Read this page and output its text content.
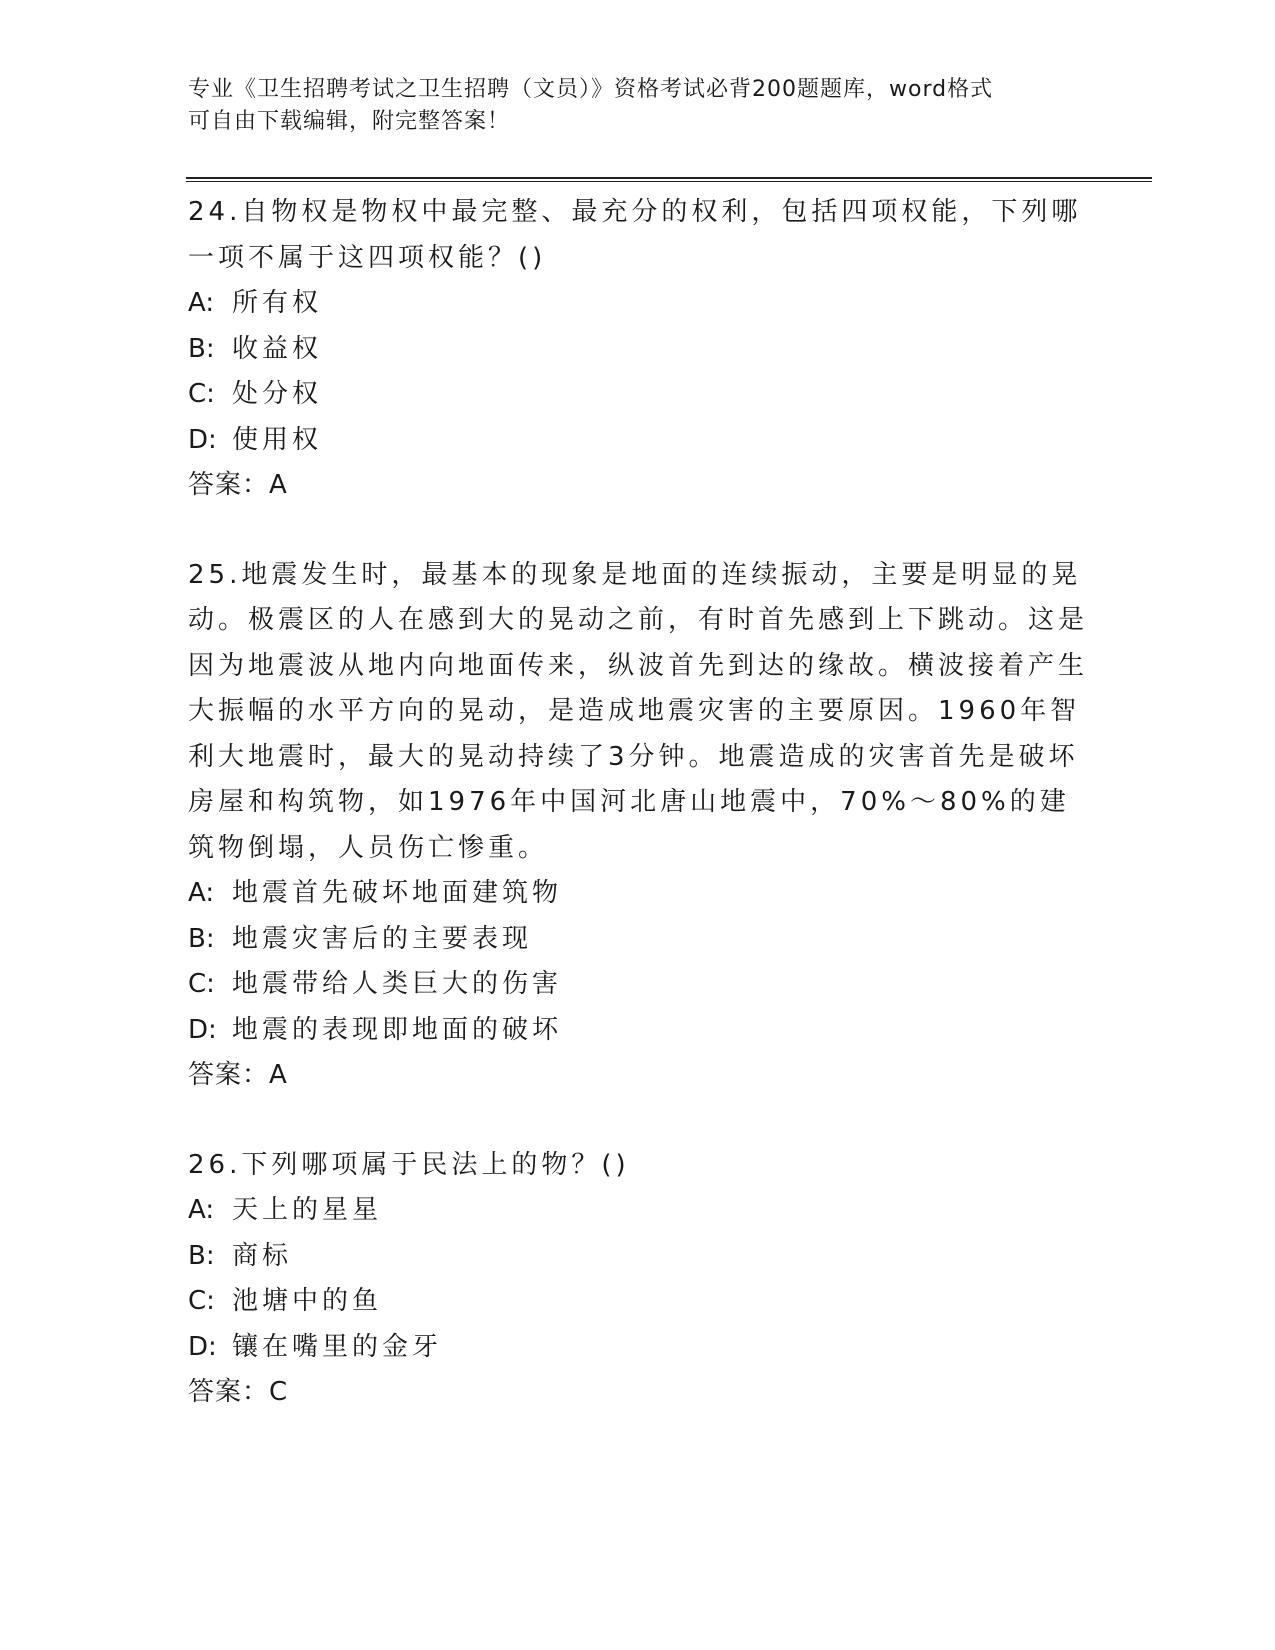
专业《卫生招聘考试之卫生招聘（文员）》资格考试必背200题题库，word格式
可自由下载编辑，附完整答案！

24.自物权是物权中最完整、最充分的权利，包括四项权能，下列哪一项不属于这四项权能？()

A: 所有权

B: 收益权

C: 处分权

D: 使用权

答案：A

25.地震发生时，最基本的现象是地面的连续振动，主要是明显的晃动。极震区的人在感到大的晃动之前，有时首先感到上下跳动。这是因为地震波从地内向地面传来，纵波首先到达的缘故。横波接着产生大振幅的水平方向的晃动，是造成地震灾害的主要原因。1960年智利大地震时，最大的晃动持续了3分钟。地震造成的灾害首先是破坏房屋和构筑物，如1976年中国河北唐山地震中，70%～80%的建筑物倒塌，人员伤亡惨重。

A: 地震首先破坏地面建筑物

B: 地震灾害后的主要表现

C: 地震带给人类巨大的伤害

D: 地震的表现即地面的破坏

答案：A

26.下列哪项属于民法上的物？()

A: 天上的星星

B: 商标

C: 池塘中的鱼

D: 镶在嘴里的金牙

答案：C
